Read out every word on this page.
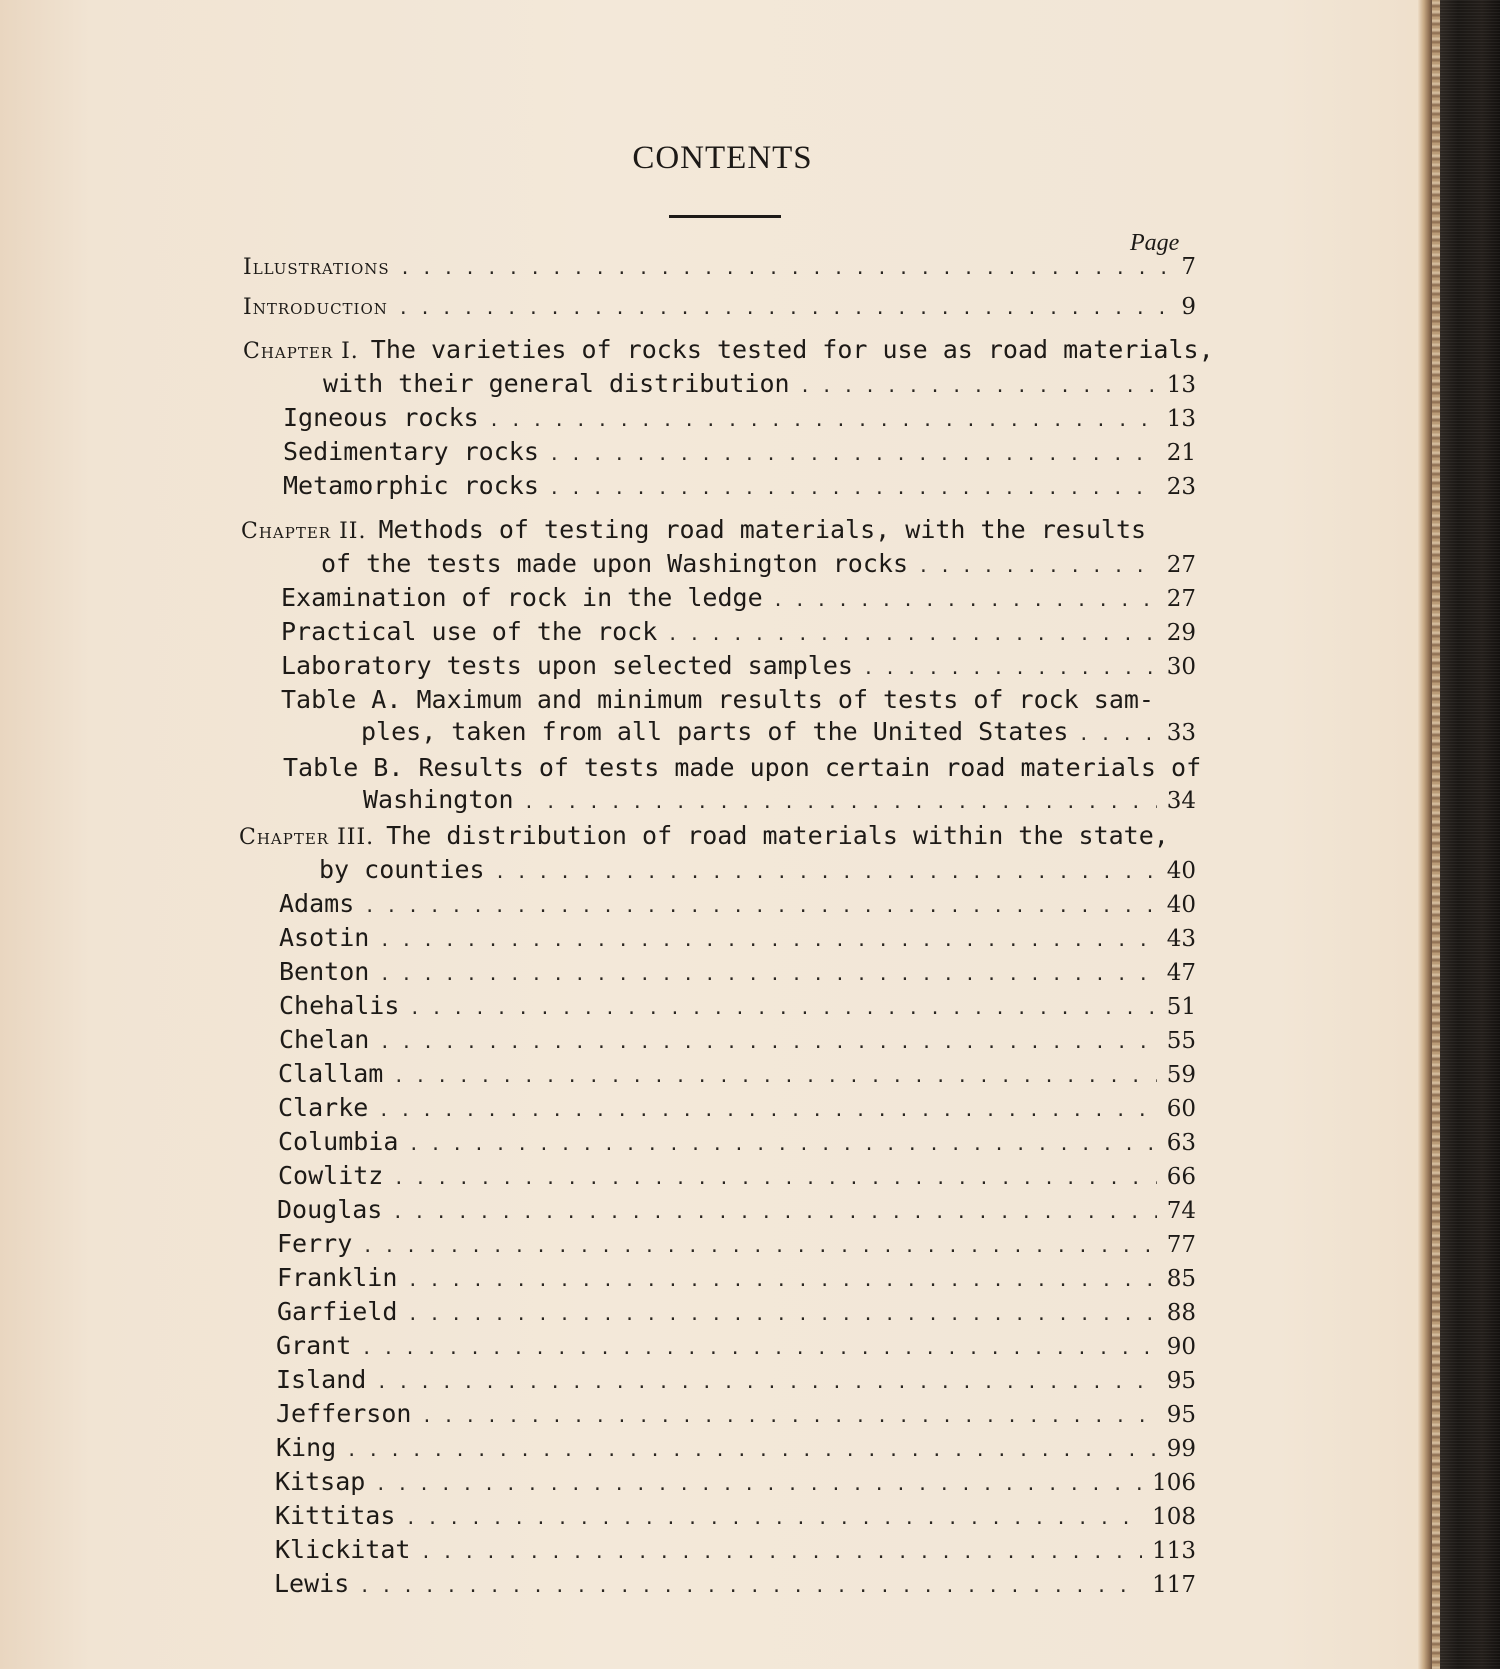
CONTENTS
Page
Illustrations . . .	7
Introduction . . .	9
Chapter I. The varieties of rocks tested for use as road materials,
with their general distribution . . .	13
Igneous rocks . . .	13
Sedimentary rocks . . .	21
Metamorphic rocks . . .	23
Chapter II. Methods of testing road materials, with the results
of the tests made upon Washington rocks . . .	27
Examination of rock in the ledge . . .	27
Practical use of the rock . . .	29
Laboratory tests upon selected samples . . .	30
Table A. Maximum and minimum results of tests of rock sam-
ples, taken from all parts of the United States . . .	33
Table B. Results of tests made upon certain road materials of
Washington . . .	34
Chapter III. The distribution of road materials within the state,
by counties . . .	40
Adams . . .	40
Asotin . . .	43
Benton . . .	47
Chehalis . . .	51
Chelan . . .	55
Clallam . . .	59
Clarke . . .	60
Columbia . . .	63
Cowlitz . . .	66
Douglas . . .	74
Ferry . . .	77
Franklin . . .	85
Garfield . . .	88
Grant . . .	90
Island . . .	95
Jefferson . . .	95
King . . .	99
Kitsap . . .	106
Kittitas . . .	108
Klickitat . . .	113
Lewis . . .	117
